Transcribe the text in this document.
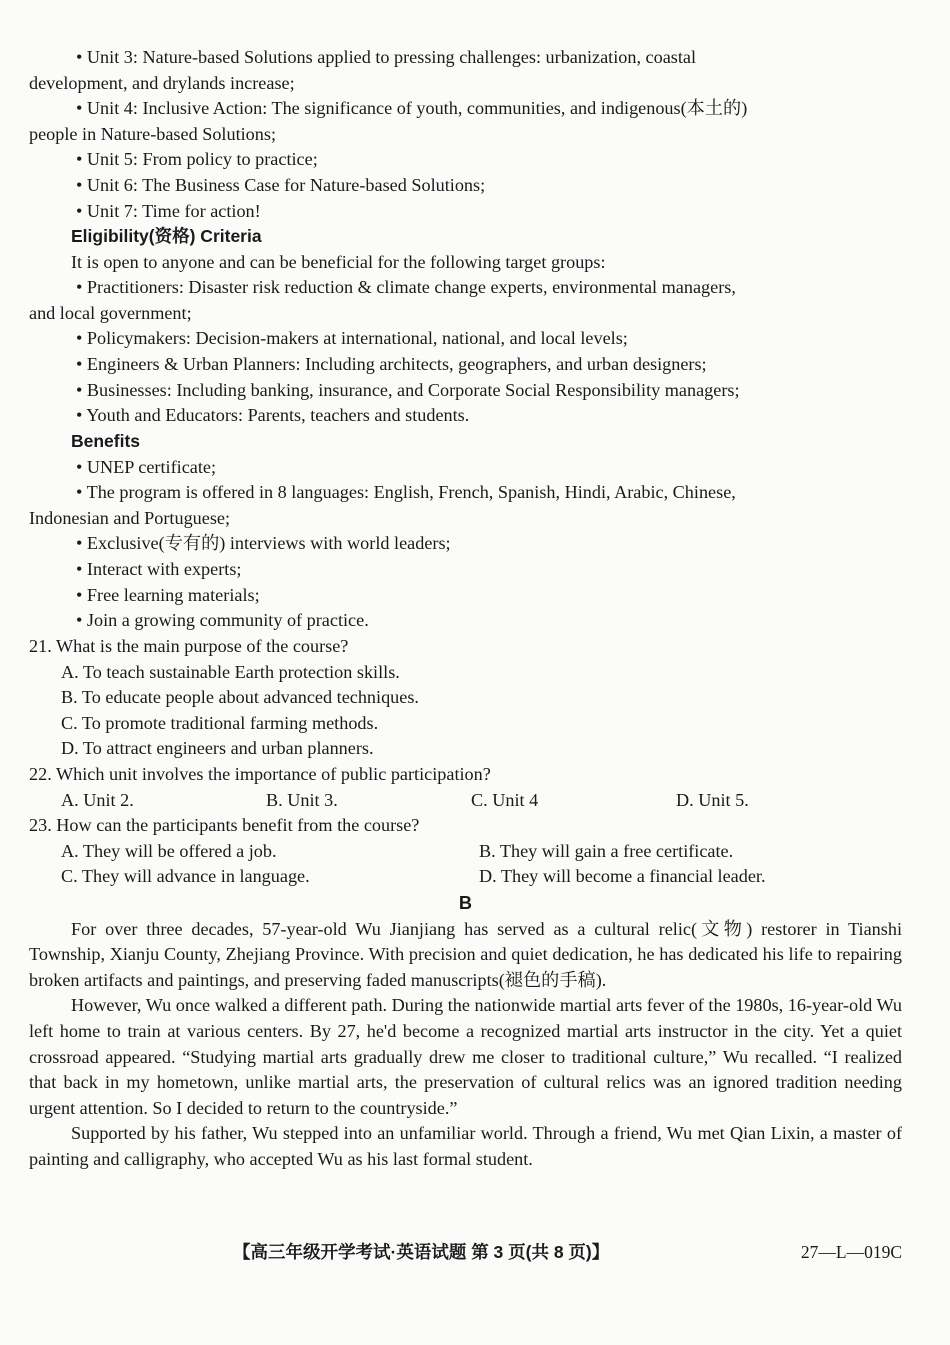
• Unit 3: Nature-based Solutions applied to pressing challenges: urbanization, coastal
development, and drylands increase;
• Unit 4: Inclusive Action: The significance of youth, communities, and indigenous(本土的)
people in Nature-based Solutions;
• Unit 5: From policy to practice;
• Unit 6: The Business Case for Nature-based Solutions;
• Unit 7: Time for action!
Eligibility(资格) Criteria
It is open to anyone and can be beneficial for the following target groups:
• Practitioners: Disaster risk reduction & climate change experts, environmental managers,
and local government;
• Policymakers: Decision-makers at international, national, and local levels;
• Engineers & Urban Planners: Including architects, geographers, and urban designers;
• Businesses: Including banking, insurance, and Corporate Social Responsibility managers;
• Youth and Educators: Parents, teachers and students.
Benefits
• UNEP certificate;
• The program is offered in 8 languages: English, French, Spanish, Hindi, Arabic, Chinese,
Indonesian and Portuguese;
• Exclusive(专有的) interviews with world leaders;
• Interact with experts;
• Free learning materials;
• Join a growing community of practice.
21. What is the main purpose of the course?
A. To teach sustainable Earth protection skills.
B. To educate people about advanced techniques.
C. To promote traditional farming methods.
D. To attract engineers and urban planners.
22. Which unit involves the importance of public participation?
A. Unit 2.	B. Unit 3.	C. Unit 4	D. Unit 5.
23. How can the participants benefit from the course?
A. They will be offered a job.	B. They will gain a free certificate.
C. They will advance in language.	D. They will become a financial leader.
B
For over three decades, 57-year-old Wu Jianjiang has served as a cultural relic(文物) restorer in Tianshi Township, Xianju County, Zhejiang Province. With precision and quiet dedication, he has dedicated his life to repairing broken artifacts and paintings, and preserving faded manuscripts(褪色的手稿).
However, Wu once walked a different path. During the nationwide martial arts fever of the 1980s, 16-year-old Wu left home to train at various centers. By 27, he'd become a recognized martial arts instructor in the city. Yet a quiet crossroad appeared. “Studying martial arts gradually drew me closer to traditional culture,” Wu recalled. “I realized that back in my hometown, unlike martial arts, the preservation of cultural relics was an ignored tradition needing urgent attention. So I decided to return to the countryside.”
Supported by his father, Wu stepped into an unfamiliar world. Through a friend, Wu met Qian Lixin, a master of painting and calligraphy, who accepted Wu as his last formal student.
【高三年级开学考试·英语试题 第 3 页(共 8 页)】	27—L—019C
